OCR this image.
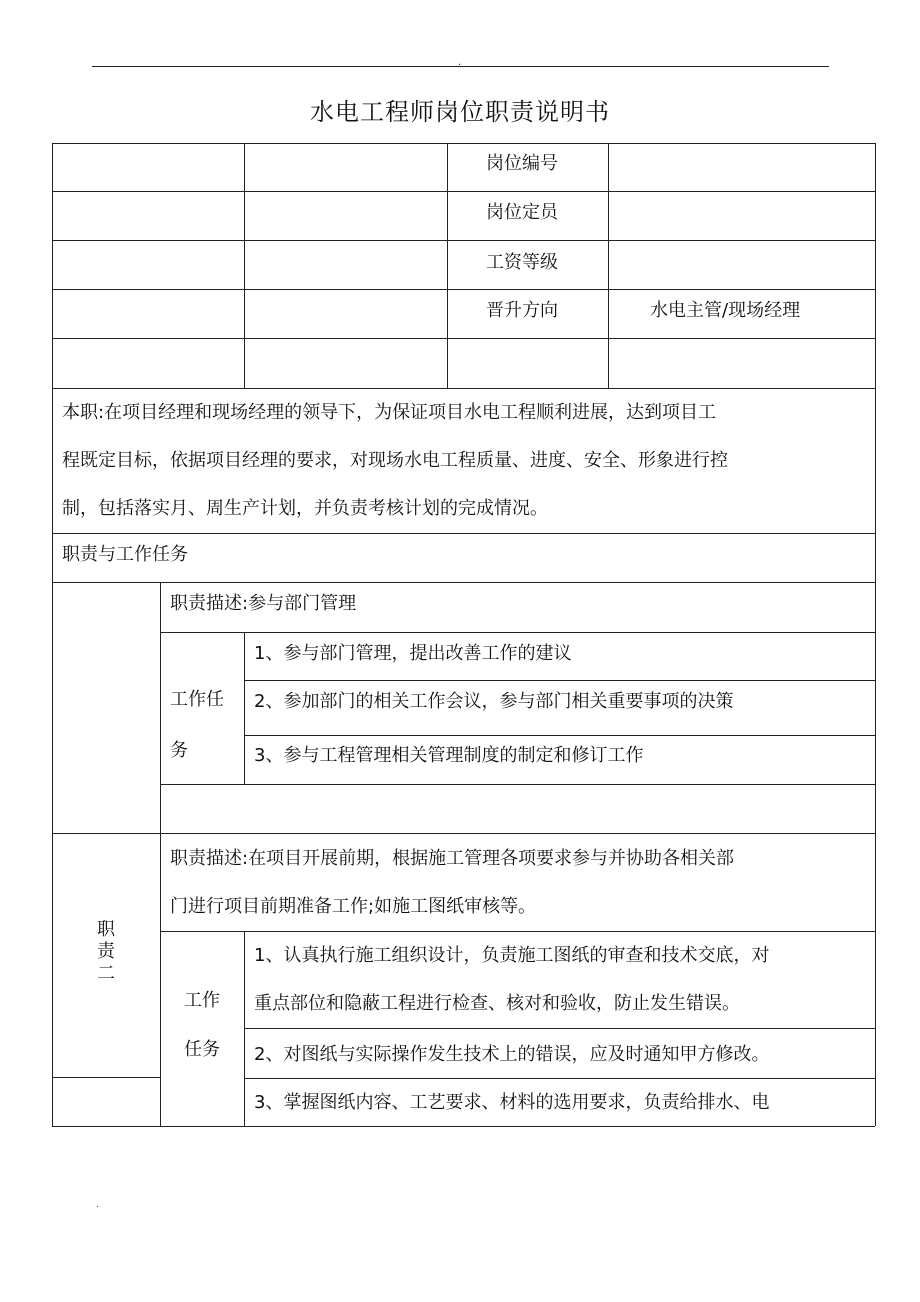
.
水电工程师岗位职责说明书
岗位编号
岗位定员
工资等级
晋升方向	水电主管/现场经理
本职:在项目经理和现场经理的领导下，为保证项目水电工程顺利进展，达到项目工
程既定目标，依据项目经理的要求，对现场水电工程质量、进度、安全、形象进行控
制，包括落实月、周生产计划，并负责考核计划的完成情况。
职责与工作任务
职责描述:参与部门管理
工作任
务
1、参与部门管理，提出改善工作的建议
2、参加部门的相关工作会议，参与部门相关重要事项的决策
3、参与工程管理相关管理制度的制定和修订工作
职
责
二
职责描述:在项目开展前期，根据施工管理各项要求参与并协助各相关部
门进行项目前期准备工作;如施工图纸审核等。
工作
任务
1、认真执行施工组织设计，负责施工图纸的审查和技术交底，对
重点部位和隐蔽工程进行检查、核对和验收，防止发生错误。
2、对图纸与实际操作发生技术上的错误，应及时通知甲方修改。
3、掌握图纸内容、工艺要求、材料的选用要求，负责给排水、电
.
